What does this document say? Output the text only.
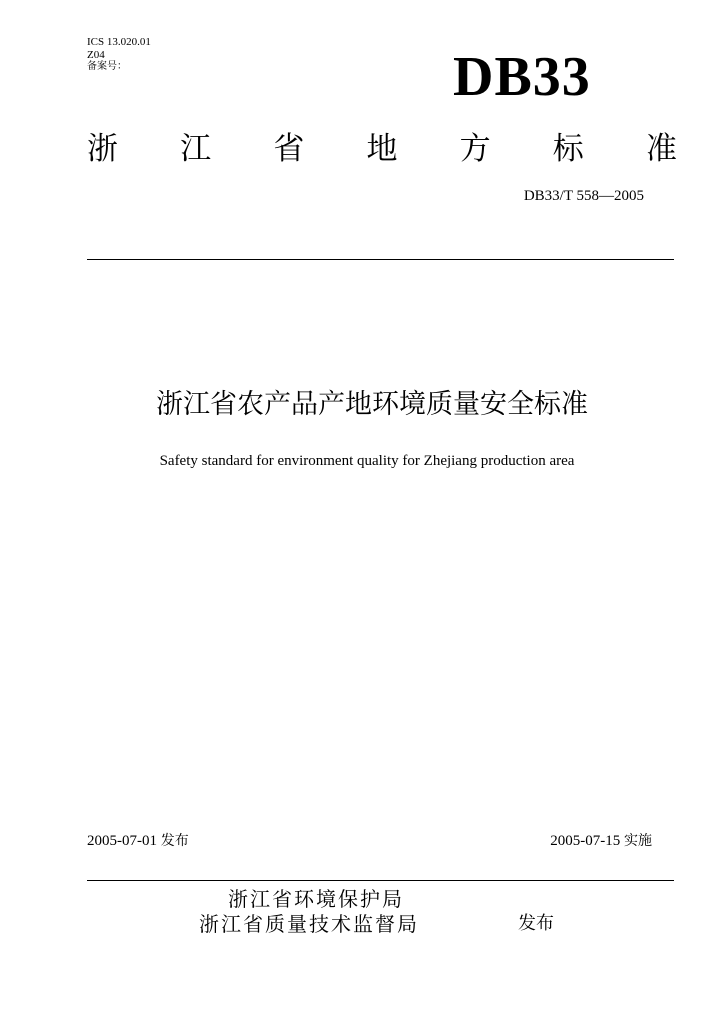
ICS 13.020.01
Z04
备案号：	DB33
浙 江 省 地 方 标 准
DB33/T 558—2005
浙江省农产品产地环境质量安全标准
Safety standard for environment quality for Zhejiang production area
2005-07-01 发布	2005-07-15 实施
浙江省环境保护局
浙江省质量技术监督局	发布
